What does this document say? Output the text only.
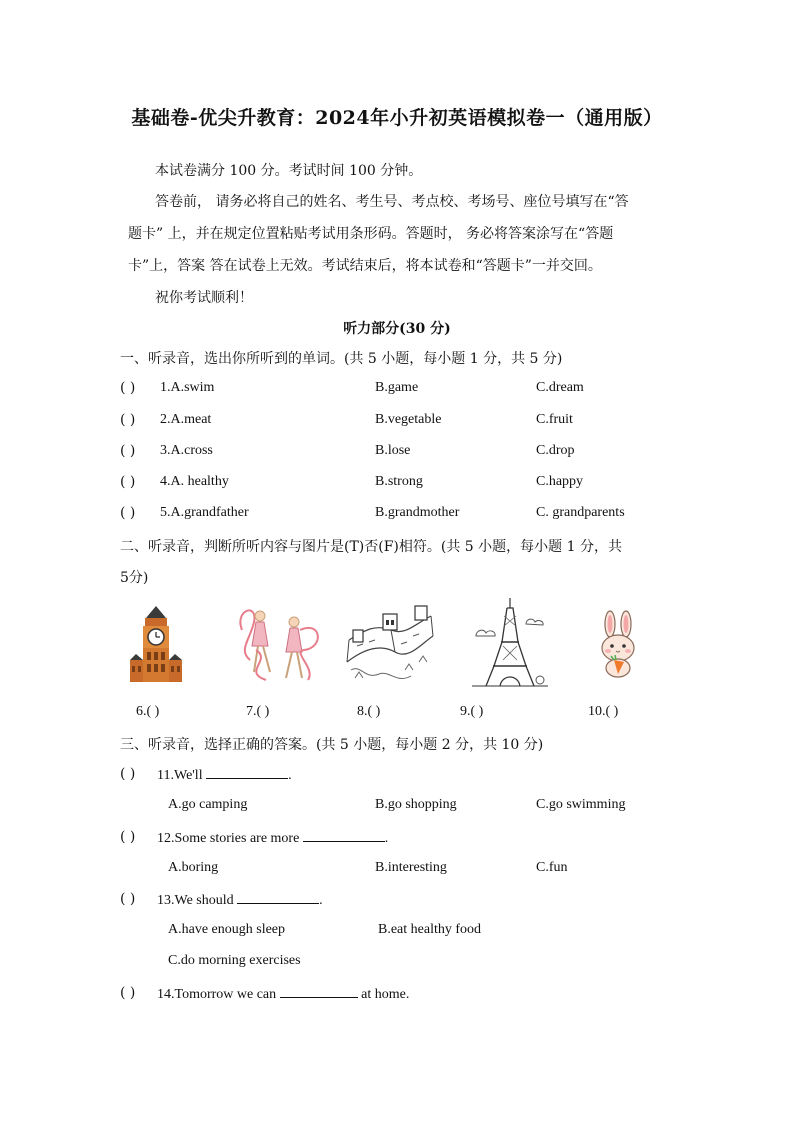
基础卷-优尖升教育：2024年小升初英语模拟卷一（通用版）
本试卷满分 100 分。考试时间 100 分钟。
答卷前， 请务必将自己的姓名、考生号、考点校、考场号、座位号填写在“答
题卡” 上，并在规定位置粘贴考试用条形码。答题时， 务必将答案涂写在“答题
卡”上，答案 答在试卷上无效。考试结束后，将本试卷和“答题卡”一并交回。
祝你考试顺利！
听力部分(30 分)
一、听录音，选出你所听到的单词。(共 5 小题，每小题 1 分，共 5 分)
( ) 1.A.swim	B.game	C.dream
( ) 2.A.meat	B.vegetable	C.fruit
( ) 3.A.cross	B.lose	C.drop
( ) 4.A. healthy	B.strong	C.happy
( ) 5.A.grandfather	B.grandmother	C. grandparents
二、听录音，判断所听内容与图片是(T)否(F)相符。(共 5 小题，每小题 1 分，共
5分)
6.( )	7.( )	8.( )	9.( )	10.( )
三、听录音，选择正确的答案。(共 5 小题，每小题 2 分，共 10 分)
( ) 11.We'll	.
A.go camping	B.go shopping	C.go swimming
( ) 12.Some stories are more	.
A.boring	B.interesting	C.fun
( ) 13.We should	.
A.have enough sleep	B.eat healthy food
C.do morning exercises
( ) 14.Tomorrow we can	at home.
